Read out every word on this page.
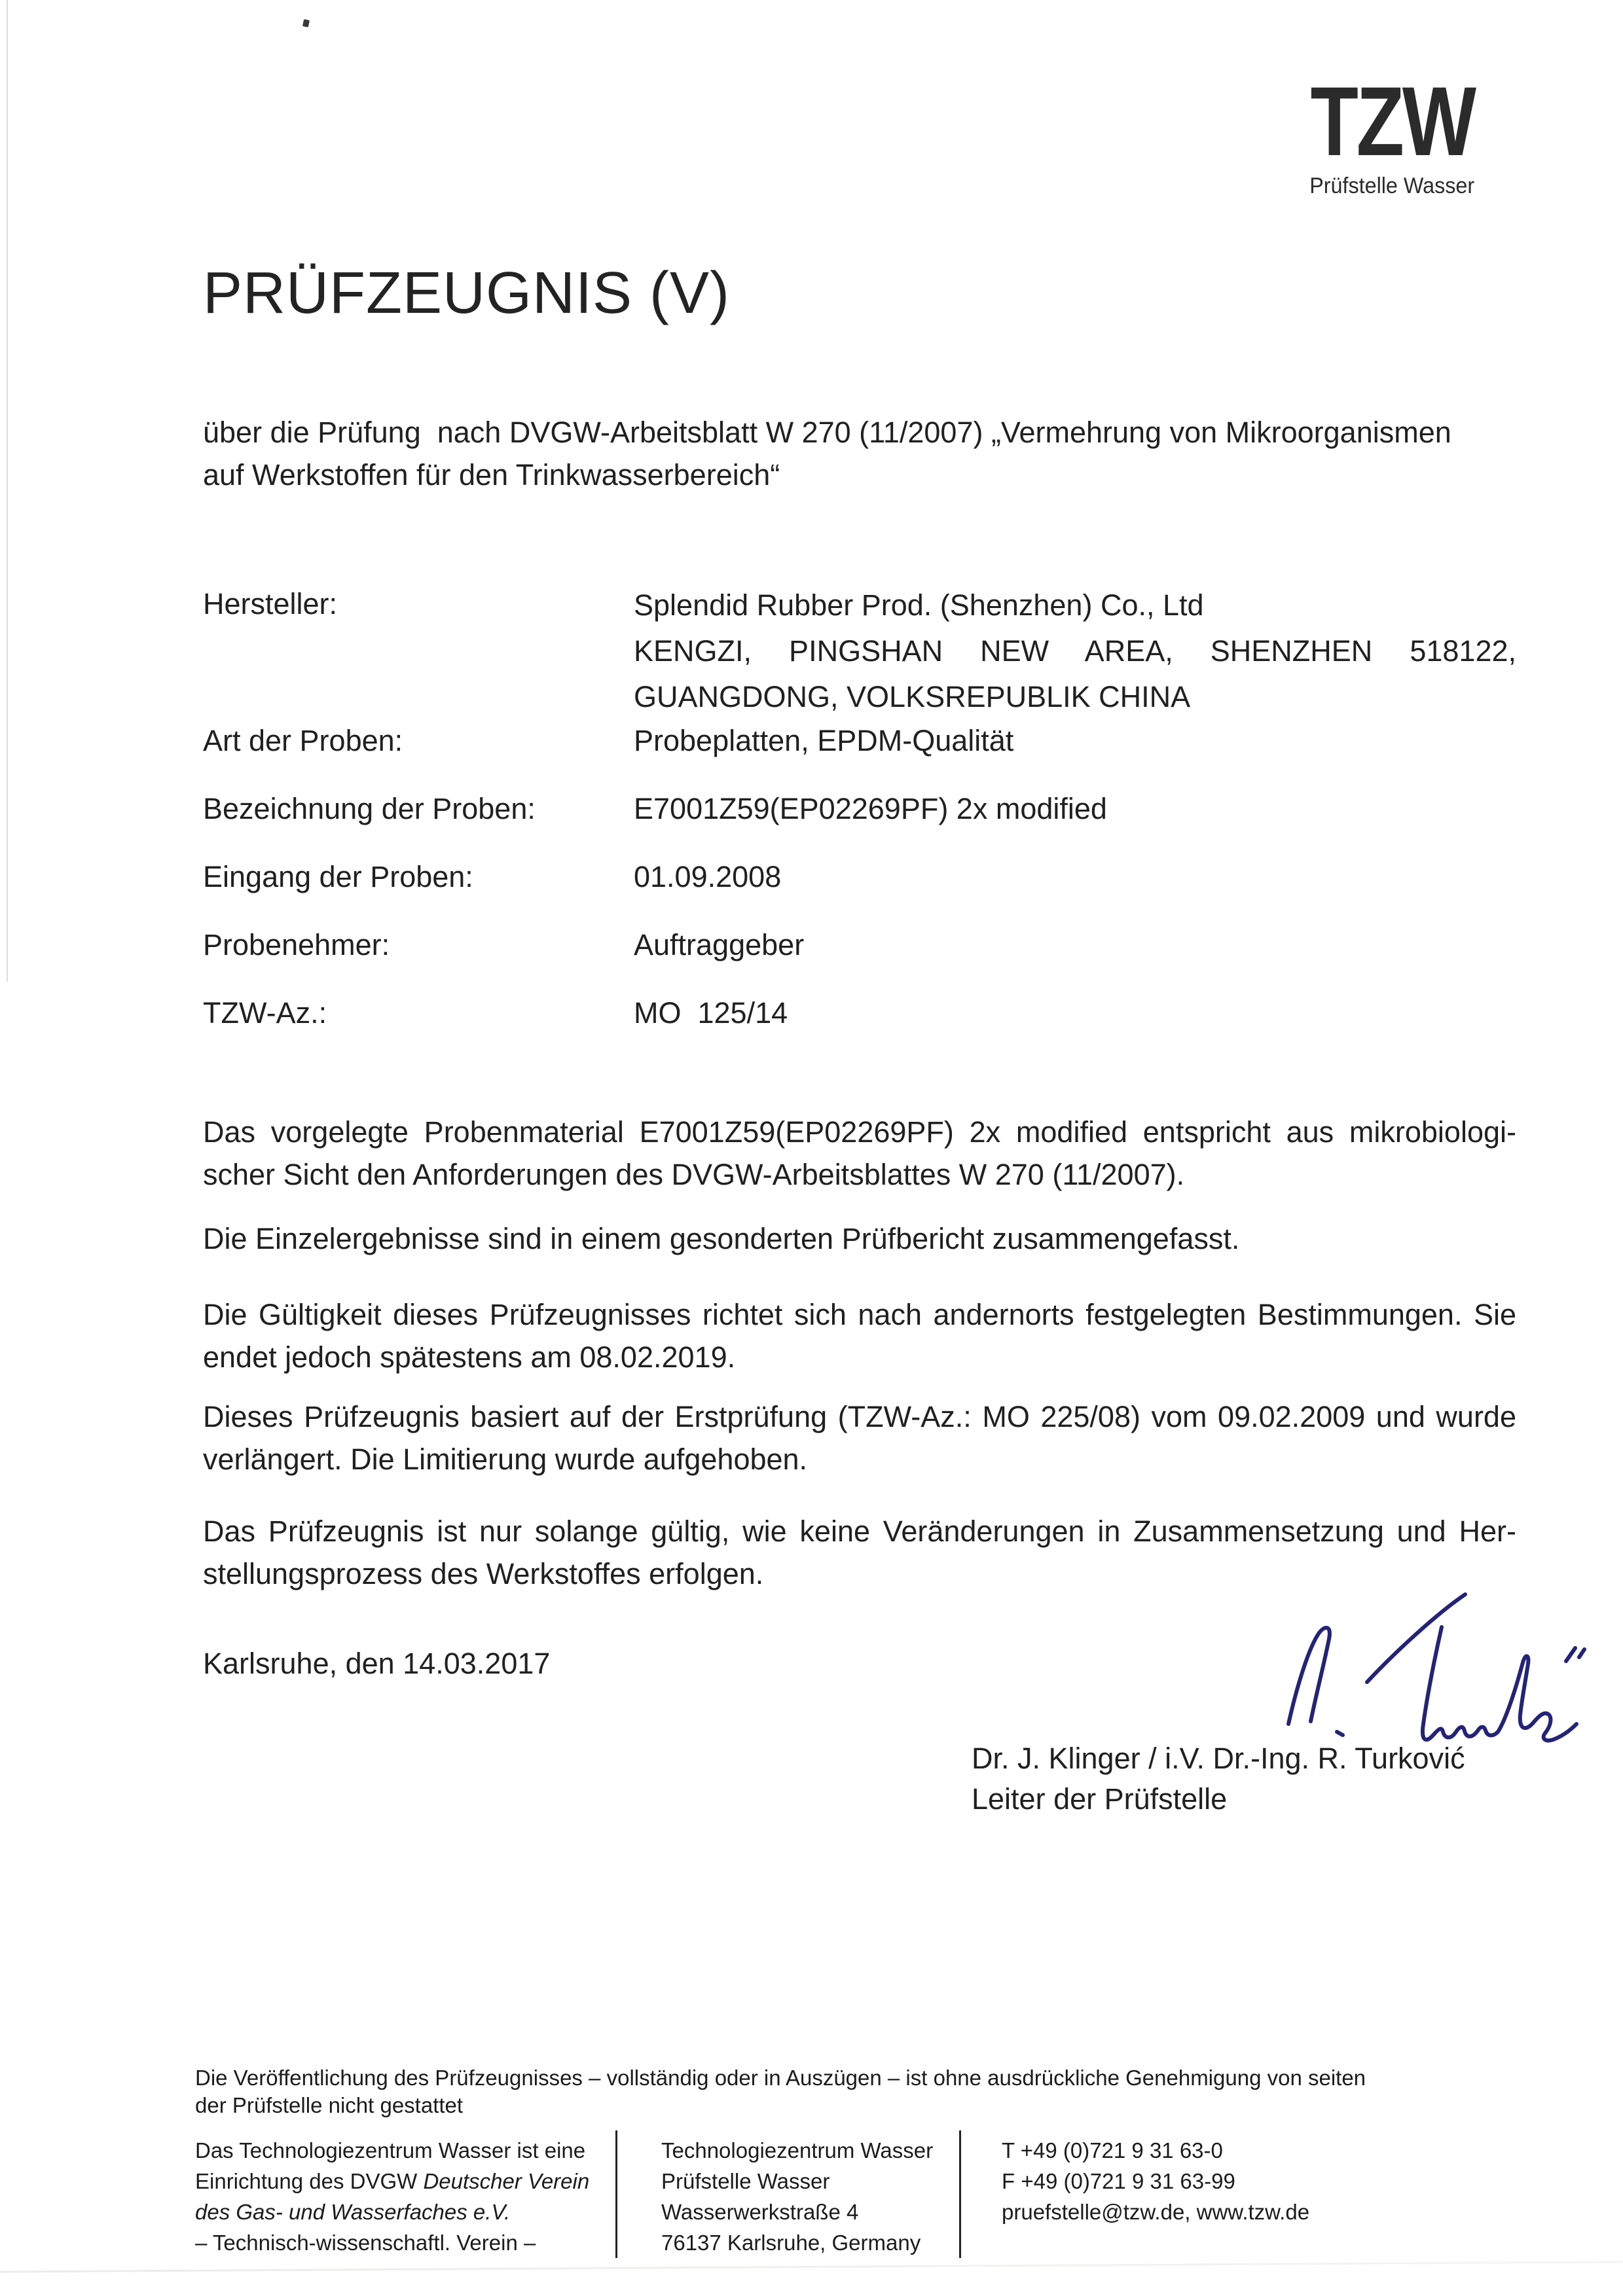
TZW
Prüfstelle Wasser
PRÜFZEUGNIS (V)
über die Prüfung  nach DVGW-Arbeitsblatt W 270 (11/2007) „Vermehrung von Mikroorganismen
auf Werkstoffen für den Trinkwasserbereich“
Hersteller:	Splendid Rubber Prod. (Shenzhen) Co., Ltd
KENGZI, PINGSHAN NEW AREA, SHENZHEN 518122,
GUANGDONG, VOLKSREPUBLIK CHINA
Art der Proben:	Probeplatten, EPDM-Qualität
Bezeichnung der Proben:	E7001Z59(EP02269PF) 2x modified
Eingang der Proben:	01.09.2008
Probenehmer:	Auftraggeber
TZW-Az.:	MO  125/14
Das vorgelegte Probenmaterial E7001Z59(EP02269PF) 2x modified entspricht aus mikrobiologi-
scher Sicht den Anforderungen des DVGW-Arbeitsblattes W 270 (11/2007).
Die Einzelergebnisse sind in einem gesonderten Prüfbericht zusammengefasst.
Die Gültigkeit dieses Prüfzeugnisses richtet sich nach andernorts festgelegten Bestimmungen. Sie
endet jedoch spätestens am 08.02.2019.
Dieses Prüfzeugnis basiert auf der Erstprüfung (TZW-Az.: MO 225/08) vom 09.02.2009 und wurde
verlängert. Die Limitierung wurde aufgehoben.
Das Prüfzeugnis ist nur solange gültig, wie keine Veränderungen in Zusammensetzung und Her-
stellungsprozess des Werkstoffes erfolgen.
Karlsruhe, den 14.03.2017
Dr. J. Klinger / i.V. Dr.-Ing. R. Turković
Leiter der Prüfstelle
Die Veröffentlichung des Prüfzeugnisses – vollständig oder in Auszügen – ist ohne ausdrückliche Genehmigung von seiten
der Prüfstelle nicht gestattet
Das Technologiezentrum Wasser ist eine
Einrichtung des DVGW Deutscher Verein
des Gas- und Wasserfaches e.V.
– Technisch-wissenschaftl. Verein –
Technologiezentrum Wasser
Prüfstelle Wasser
Wasserwerkstraße 4
76137 Karlsruhe, Germany
T +49 (0)721 9 31 63-0
F +49 (0)721 9 31 63-99
pruefstelle@tzw.de, www.tzw.de
